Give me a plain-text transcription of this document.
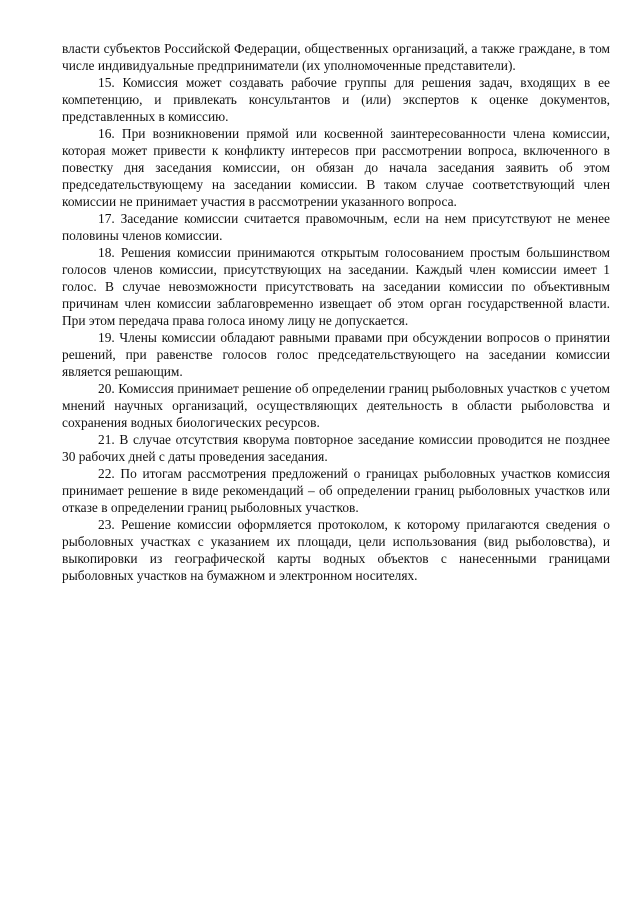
власти субъектов Российской Федерации, общественных организаций, а также граждане, в том числе индивидуальные предприниматели (их уполномоченные представители).

15. Комиссия может создавать рабочие группы для решения задач, входящих в ее компетенцию, и привлекать консультантов и (или) экспертов к оценке документов, представленных в комиссию.

16. При возникновении прямой или косвенной заинтересованности члена комиссии, которая может привести к конфликту интересов при рассмотрении вопроса, включенного в повестку дня заседания комиссии, он обязан до начала заседания заявить об этом председательствующему на заседании комиссии. В таком случае соответствующий член комиссии не принимает участия в рассмотрении указанного вопроса.

17. Заседание комиссии считается правомочным, если на нем присутствуют не менее половины членов комиссии.

18. Решения комиссии принимаются открытым голосованием простым большинством голосов членов комиссии, присутствующих на заседании. Каждый член комиссии имеет 1 голос. В случае невозможности присутствовать на заседании комиссии по объективным причинам член комиссии заблаговременно извещает об этом орган государственной власти. При этом передача права голоса иному лицу не допускается.

19. Члены комиссии обладают равными правами при обсуждении вопросов о принятии решений, при равенстве голосов голос председательствующего на заседании комиссии является решающим.

20. Комиссия принимает решение об определении границ рыболовных участков с учетом мнений научных организаций, осуществляющих деятельность в области рыболовства и сохранения водных биологических ресурсов.

21. В случае отсутствия кворума повторное заседание комиссии проводится не позднее 30 рабочих дней с даты проведения заседания.

22. По итогам рассмотрения предложений о границах рыболовных участков комиссия принимает решение в виде рекомендаций – об определении границ рыболовных участков или отказе в определении границ рыболовных участков.

23. Решение комиссии оформляется протоколом, к которому прилагаются сведения о рыболовных участках с указанием их площади, цели использования (вид рыболовства), и выкопировки из географической карты водных объектов с нанесенными границами рыболовных участков на бумажном и электронном носителях.
